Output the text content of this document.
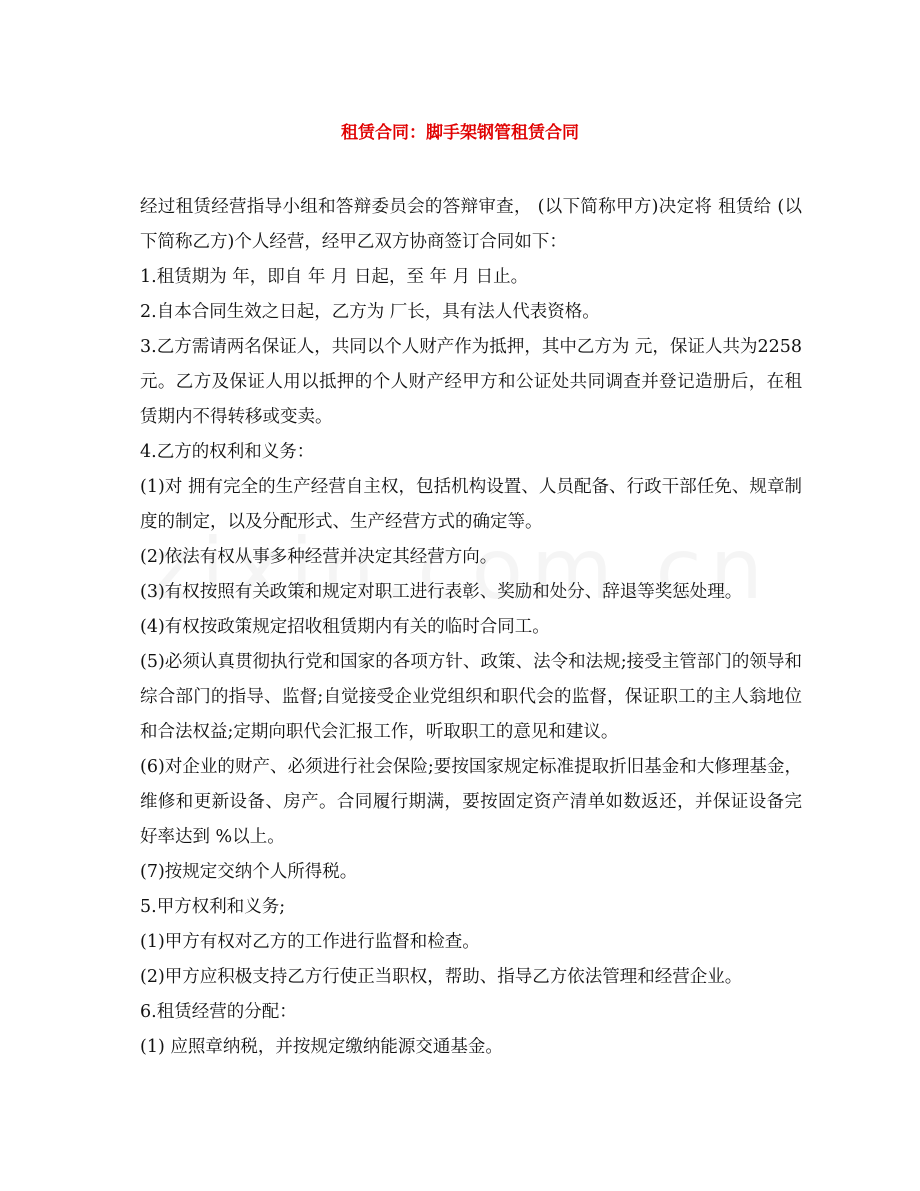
租赁合同：脚手架钢管租赁合同

经过租赁经营指导小组和答辩委员会的答辩审查， (以下简称甲方)决定将 租赁给 (以下简称乙方)个人经营，经甲乙双方协商签订合同如下：

1.租赁期为 年，即自 年 月 日起，至 年 月 日止。

2.自本合同生效之日起，乙方为 厂长，具有法人代表资格。

3.乙方需请两名保证人，共同以个人财产作为抵押，其中乙方为 元，保证人共为2258 元。乙方及保证人用以抵押的个人财产经甲方和公证处共同调查并登记造册后，在租赁期内不得转移或变卖。

4.乙方的权利和义务：

(1)对 拥有完全的生产经营自主权，包括机构设置、人员配备、行政干部任免、规章制度的制定，以及分配形式、生产经营方式的确定等。

(2)依法有权从事多种经营并决定其经营方向。

(3)有权按照有关政策和规定对职工进行表彰、奖励和处分、辞退等奖惩处理。

(4)有权按政策规定招收租赁期内有关的临时合同工。

(5)必须认真贯彻执行党和国家的各项方针、政策、法令和法规;接受主管部门的领导和综合部门的指导、监督;自觉接受企业党组织和职代会的监督，保证职工的主人翁地位和合法权益;定期向职代会汇报工作，听取职工的意见和建议。

(6)对企业的财产、必须进行社会保险;要按国家规定标准提取折旧基金和大修理基金，维修和更新设备、房产。合同履行期满，要按固定资产清单如数返还，并保证设备完好率达到 %以上。

(7)按规定交纳个人所得税。

5.甲方权利和义务;

(1)甲方有权对乙方的工作进行监督和检查。

(2)甲方应积极支持乙方行使正当职权，帮助、指导乙方依法管理和经营企业。

6.租赁经营的分配：

(1) 应照章纳税，并按规定缴纳能源交通基金。
